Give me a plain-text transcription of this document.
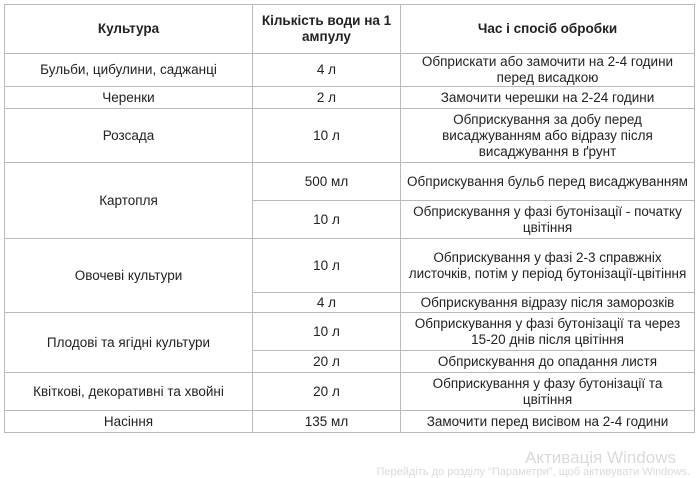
Культура	Кількість води на 1 ампулу	Час і спосіб обробки
Бульби, цибулини, саджанці	4 л	Обприскати або замочити на 2-4 години перед висадкою
Черенки	2 л	Замочити черешки на 2-24 години
Розсада	10 л	Обприскування за добу перед висаджуванням або відразу після висаджування в ґрунт
Картопля	500 мл	Обприскування бульб перед висаджуванням
	10 л	Обприскування у фазі бутонізації - початку цвітіння
Овочеві культури	10 л	Обприскування у фазі 2-3 справжніх листочків, потім у період бутонізації-цвітіння
	4 л	Обприскування відразу після заморозків
Плодові та ягідні культури	10 л	Обприскування у фазі бутонізації та через 15-20 днів після цвітіння
	20 л	Обприскування до опадання листя
Квіткові, декоративні та хвойні	20 л	Обприскування у фазу бутонізації та цвітіння
Насіння	135 мл	Замочити перед висівом на 2-4 години
Активація Windows
Перейдіть до розділу "Параметри", щоб активувати Windows.
